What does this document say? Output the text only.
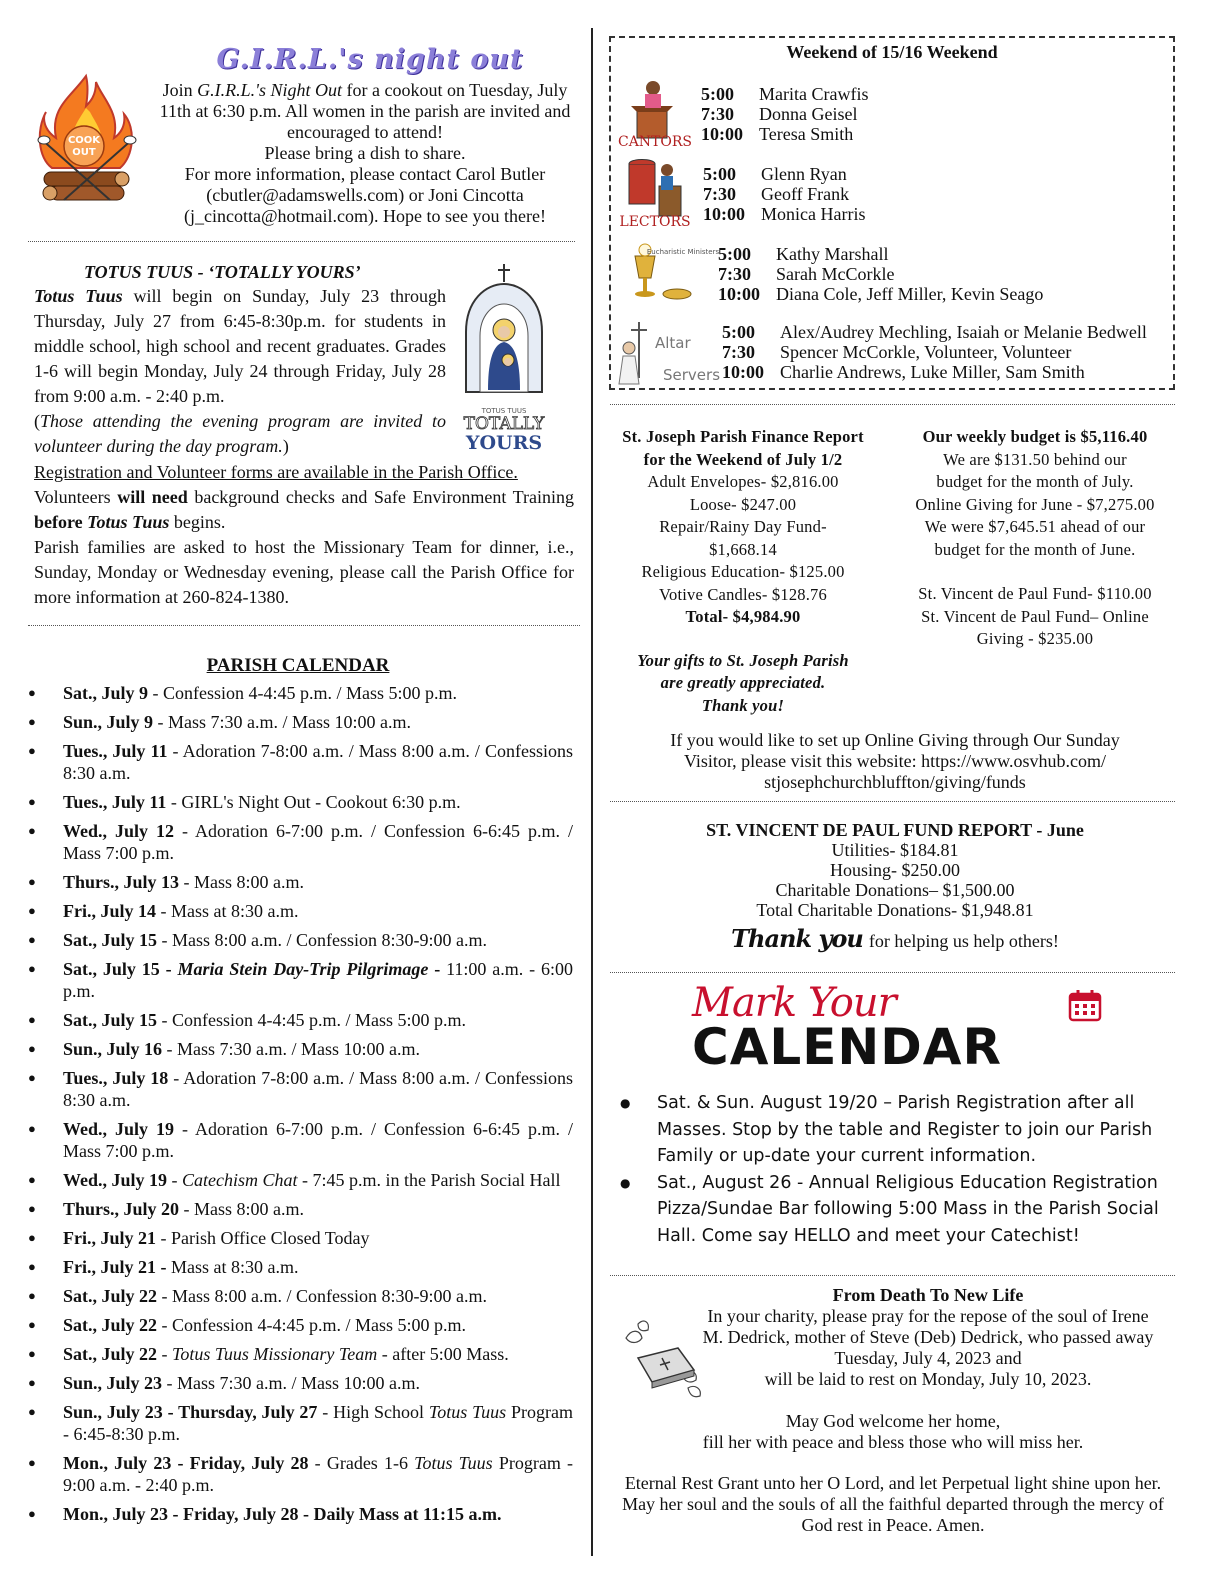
COOK
OUT
G.I.R.L.'s night out

Join G.I.R.L.'s Night Out for a cookout on Tuesday, July 11th at 6:30 p.m. All women in the parish are invited and encouraged to attend!

Please bring a dish to share.

For more information, please contact Carol Butler (cbutler@adamswells.com) or Joni Cincotta (j_cincotta@hotmail.com). Hope to see you there!

TOTUS TUUS - ‘TOTALLY YOURS’

Totus Tuus will begin on Sunday, July 23 through Thursday, July 27 from 6:45-8:30p.m. for students in middle school, high school and recent graduates. Grades 1-6 will begin Monday, July 24 through Friday, July 28 from 9:00 a.m. - 2:40 p.m.

(Those attending the evening program are invited to volunteer during the day program.)

TOTUS TUUS
TOTALLY
YOURS

Registration and Volunteer forms are available in the Parish Office.

Volunteers will need background checks and Safe Environment Training before Totus Tuus begins.

Parish families are asked to host the Missionary Team for dinner, i.e., Sunday, Monday or Wednesday evening, please call the Parish Office for more information at 260-824-1380.

PARISH CALENDAR
● Sat., July 9 - Confession 4-4:45 p.m. / Mass 5:00 p.m.
● Sun., July 9 - Mass 7:30 a.m. / Mass 10:00 a.m.
● Tues., July 11 - Adoration 7-8:00 a.m. / Mass 8:00 a.m. / Confessions 8:30 a.m.
● Tues., July 11 - GIRL's Night Out - Cookout 6:30 p.m.
● Wed., July 12 - Adoration 6-7:00 p.m. / Confession 6-6:45 p.m. / Mass 7:00 p.m.
● Thurs., July 13 - Mass 8:00 a.m.
● Fri., July 14 - Mass at 8:30 a.m.
● Sat., July 15 - Mass 8:00 a.m. / Confession 8:30-9:00 a.m.
● Sat., July 15 - Maria Stein Day-Trip Pilgrimage - 11:00 a.m. - 6:00 p.m.
● Sat., July 15 - Confession 4-4:45 p.m. / Mass 5:00 p.m.
● Sun., July 16 - Mass 7:30 a.m. / Mass 10:00 a.m.
● Tues., July 18 - Adoration 7-8:00 a.m. / Mass 8:00 a.m. / Confessions 8:30 a.m.
● Wed., July 19 - Adoration 6-7:00 p.m. / Confession 6-6:45 p.m. / Mass 7:00 p.m.
● Wed., July 19 - Catechism Chat - 7:45 p.m. in the Parish Social Hall
● Thurs., July 20 - Mass 8:00 a.m.
● Fri., July 21 - Parish Office Closed Today
● Fri., July 21 - Mass at 8:30 a.m.
● Sat., July 22 - Mass 8:00 a.m. / Confession 8:30-9:00 a.m.
● Sat., July 22 - Confession 4-4:45 p.m. / Mass 5:00 p.m.
● Sat., July 22 - Totus Tuus Missionary Team - after 5:00 Mass.
● Sun., July 23 - Mass 7:30 a.m. / Mass 10:00 a.m.
● Sun., July 23 - Thursday, July 27 - High School Totus Tuus Program - 6:45-8:30 p.m.
● Mon., July 23 - Friday, July 28 - Grades 1-6 Totus Tuus Program - 9:00 a.m. - 2:40 p.m.
● Mon., July 23 - Friday, July 28 - Daily Mass at 11:15 a.m.
Weekend of 15/16 Weekend
CANTORS
5:00 Marita Crawfis
7:30 Donna Geisel
10:00 Teresa Smith
LECTORS
5:00 Glenn Ryan
7:30 Geoff Frank
10:00 Monica Harris
Eucharistic Ministers
5:00 Kathy Marshall
7:30 Sarah McCorkle
10:00 Diana Cole, Jeff Miller, Kevin Seago
Altar
Servers
5:00 Alex/Audrey Mechling, Isaiah or Melanie Bedwell
7:30 Spencer McCorkle, Volunteer, Volunteer
10:00 Charlie Andrews, Luke Miller, Sam Smith
St. Joseph Parish Finance Report
for the Weekend of July 1/2
Adult Envelopes- $2,816.00
Loose- $247.00
Repair/Rainy Day Fund-
$1,668.14
Religious Education- $125.00
Votive Candles- $128.76
Total- $4,984.90
Your gifts to St. Joseph Parish
are greatly appreciated.
Thank you!
Our weekly budget is $5,116.40
We are $131.50 behind our
budget for the month of July.
Online Giving for June - $7,275.00
We were $7,645.51 ahead of our
budget for the month of June.
St. Vincent de Paul Fund- $110.00
St. Vincent de Paul Fund– Online
Giving - $235.00
If you would like to set up Online Giving through Our Sunday
Visitor, please visit this website: https://www.osvhub.com/
stjosephchurchbluffton/giving/funds
ST. VINCENT DE PAUL FUND REPORT - June
Utilities- $184.81
Housing- $250.00
Charitable Donations– $1,500.00
Total Charitable Donations- $1,948.81
Thank you for helping us help others!
Mark Your
CALENDAR
● Sat. & Sun. August 19/20 – Parish Registration after all Masses. Stop by the table and Register to join our Parish Family or up-date your current information.
● Sat., August 26 - Annual Religious Education Registration Pizza/Sundae Bar following 5:00 Mass in the Parish Social Hall. Come say HELLO and meet your Catechist!

From Death To New Life

In your charity, please pray for the repose of the soul of Irene M. Dedrick, mother of Steve (Deb) Dedrick, who passed away Tuesday, July 4, 2023 and

will be laid to rest on Monday, July 10, 2023.

May God welcome her home,
fill her with peace and bless those who will miss her.

Eternal Rest Grant unto her O Lord, and let Perpetual light shine upon her. May her soul and the souls of all the faithful departed through the mercy of God rest in Peace. Amen.
